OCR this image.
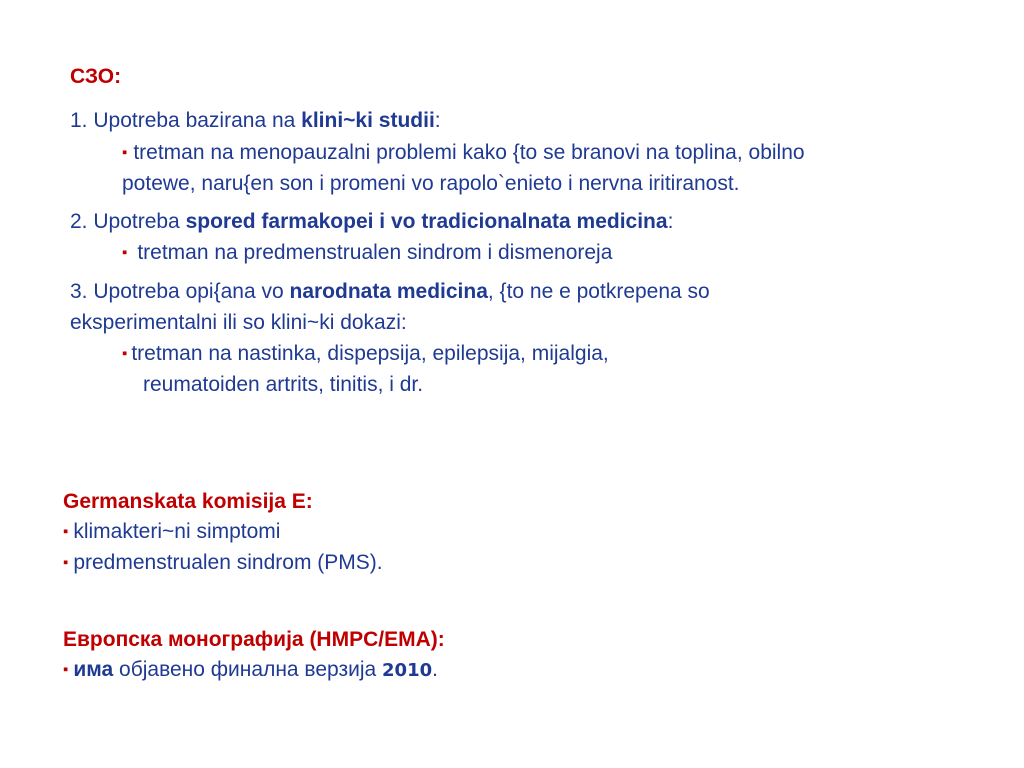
СЗО:
1. Upotreba bazirana na klini~ki studii:
▪ tretman na menopauzalni problemi kako {to se branovi na toplina, obilno
potewe, naru{en son i promeni vo rapolo`enieto i nervna iritiranost.
2. Upotreba spored farmakopei i vo tradicionalnata medicina:
▪ tretman na predmenstrualen sindrom i dismenoreja
3. Upotreba opi{ana vo narodnata medicina, {to ne e potkrepena so
eksperimentalni ili so klini~ki dokazi:
▪ tretman na nastinka, dispepsija, epilepsija, mijalgia,
reumatoiden artrits, tinitis, i dr.
Germanskata komisija E:
▪ klimakteri~ni simptomi
▪ predmenstrualen sindrom (PMS).
Европска монографија (HMPC/EMA):
▪ има објавено финална верзија 2010.
